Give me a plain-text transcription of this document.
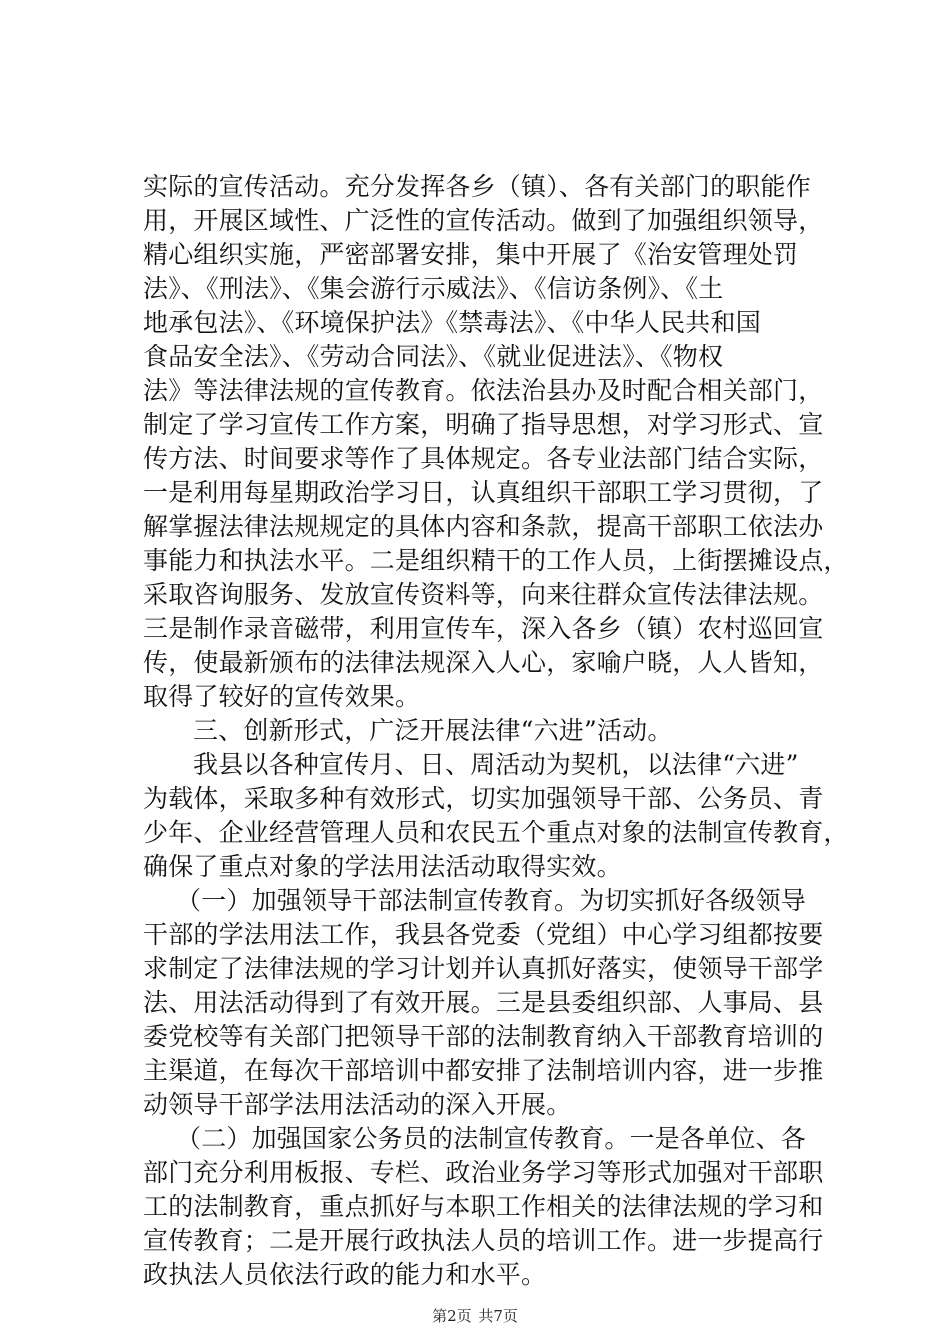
实际的宣传活动。充分发挥各乡（镇）、各有关部门的职能作
用，开展区域性、广泛性的宣传活动。做到了加强组织领导，
精心组织实施，严密部署安排，集中开展了《治安管理处罚
法》、《刑法》、《集会游行示威法》、《信访条例》、《土
地承包法》、《环境保护法》《禁毒法》、《中华人民共和国
食品安全法》、《劳动合同法》、《就业促进法》、《物权
法》等法律法规的宣传教育。依法治县办及时配合相关部门，
制定了学习宣传工作方案，明确了指导思想，对学习形式、宣
传方法、时间要求等作了具体规定。各专业法部门结合实际，
一是利用每星期政治学习日，认真组织干部职工学习贯彻，了
解掌握法律法规规定的具体内容和条款，提高干部职工依法办
事能力和执法水平。二是组织精干的工作人员，上街摆摊设点，
采取咨询服务、发放宣传资料等，向来往群众宣传法律法规。
三是制作录音磁带，利用宣传车，深入各乡（镇）农村巡回宣
传，使最新颁布的法律法规深入人心，家喻户晓，人人皆知，
取得了较好的宣传效果。
三、创新形式，广泛开展法律“六进”活动。
我县以各种宣传月、日、周活动为契机，以法律“六进”
为载体，采取多种有效形式，切实加强领导干部、公务员、青
少年、企业经营管理人员和农民五个重点对象的法制宣传教育，
确保了重点对象的学法用法活动取得实效。
（一）加强领导干部法制宣传教育。为切实抓好各级领导
干部的学法用法工作，我县各党委（党组）中心学习组都按要
求制定了法律法规的学习计划并认真抓好落实，使领导干部学
法、用法活动得到了有效开展。三是县委组织部、人事局、县
委党校等有关部门把领导干部的法制教育纳入干部教育培训的
主渠道，在每次干部培训中都安排了法制培训内容，进一步推
动领导干部学法用法活动的深入开展。
（二）加强国家公务员的法制宣传教育。一是各单位、各
部门充分利用板报、专栏、政治业务学习等形式加强对干部职
工的法制教育，重点抓好与本职工作相关的法律法规的学习和
宣传教育；二是开展行政执法人员的培训工作。进一步提高行
政执法人员依法行政的能力和水平。
第2页 共7页
